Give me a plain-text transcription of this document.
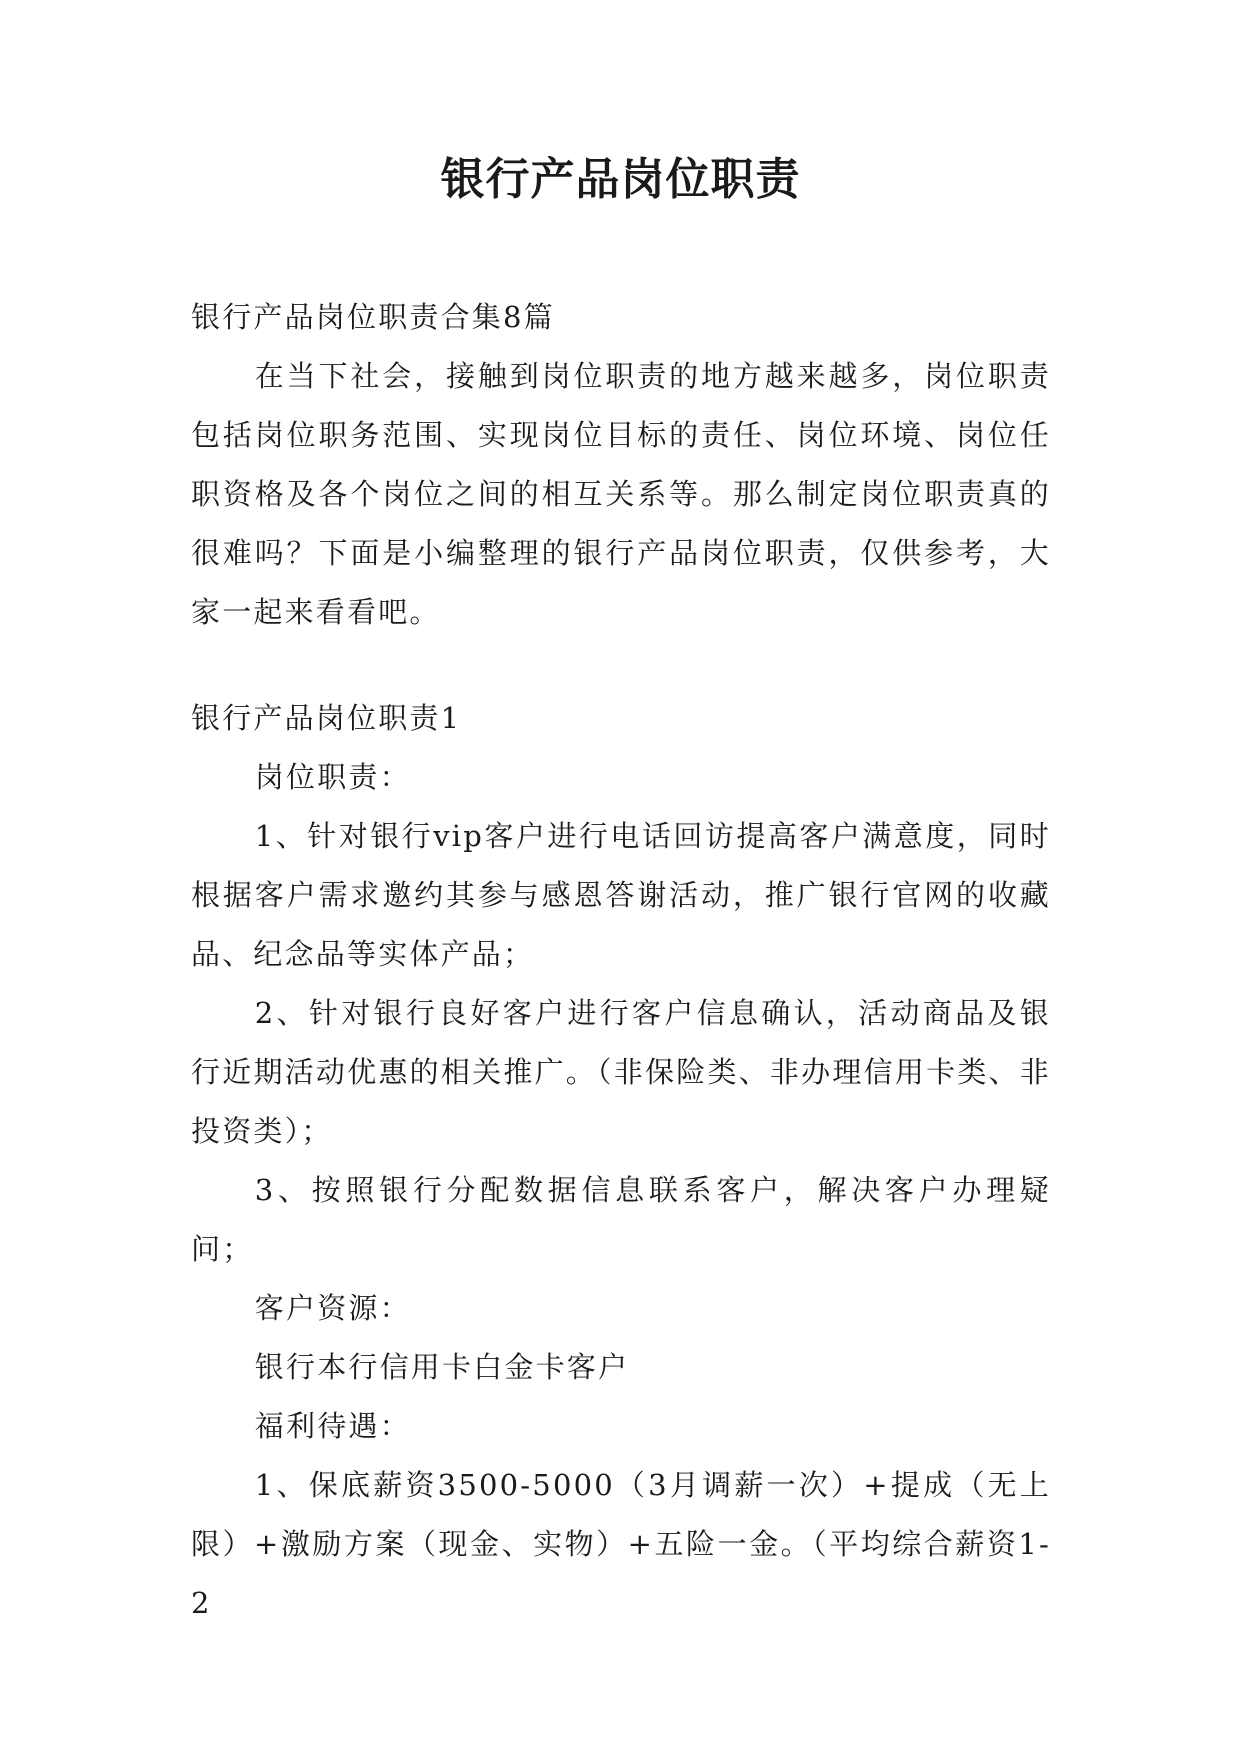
银行产品岗位职责

银行产品岗位职责合集8篇

在当下社会，接触到岗位职责的地方越来越多，岗位职责包括岗位职务范围、实现岗位目标的责任、岗位环境、岗位任职资格及各个岗位之间的相互关系等。那么制定岗位职责真的很难吗？下面是小编整理的银行产品岗位职责，仅供参考，大家一起来看看吧。

银行产品岗位职责1

岗位职责：

1、针对银行vip客户进行电话回访提高客户满意度，同时根据客户需求邀约其参与感恩答谢活动，推广银行官网的收藏品、纪念品等实体产品；

2、针对银行良好客户进行客户信息确认，活动商品及银行近期活动优惠的相关推广。（非保险类、非办理信用卡类、非投资类）；

3、按照银行分配数据信息联系客户，解决客户办理疑问；

客户资源：

银行本行信用卡白金卡客户

福利待遇：

1、保底薪资3500-5000（3月调薪一次）+提成（无上限）+激励方案（现金、实物）+五险一金。（平均综合薪资1-2
